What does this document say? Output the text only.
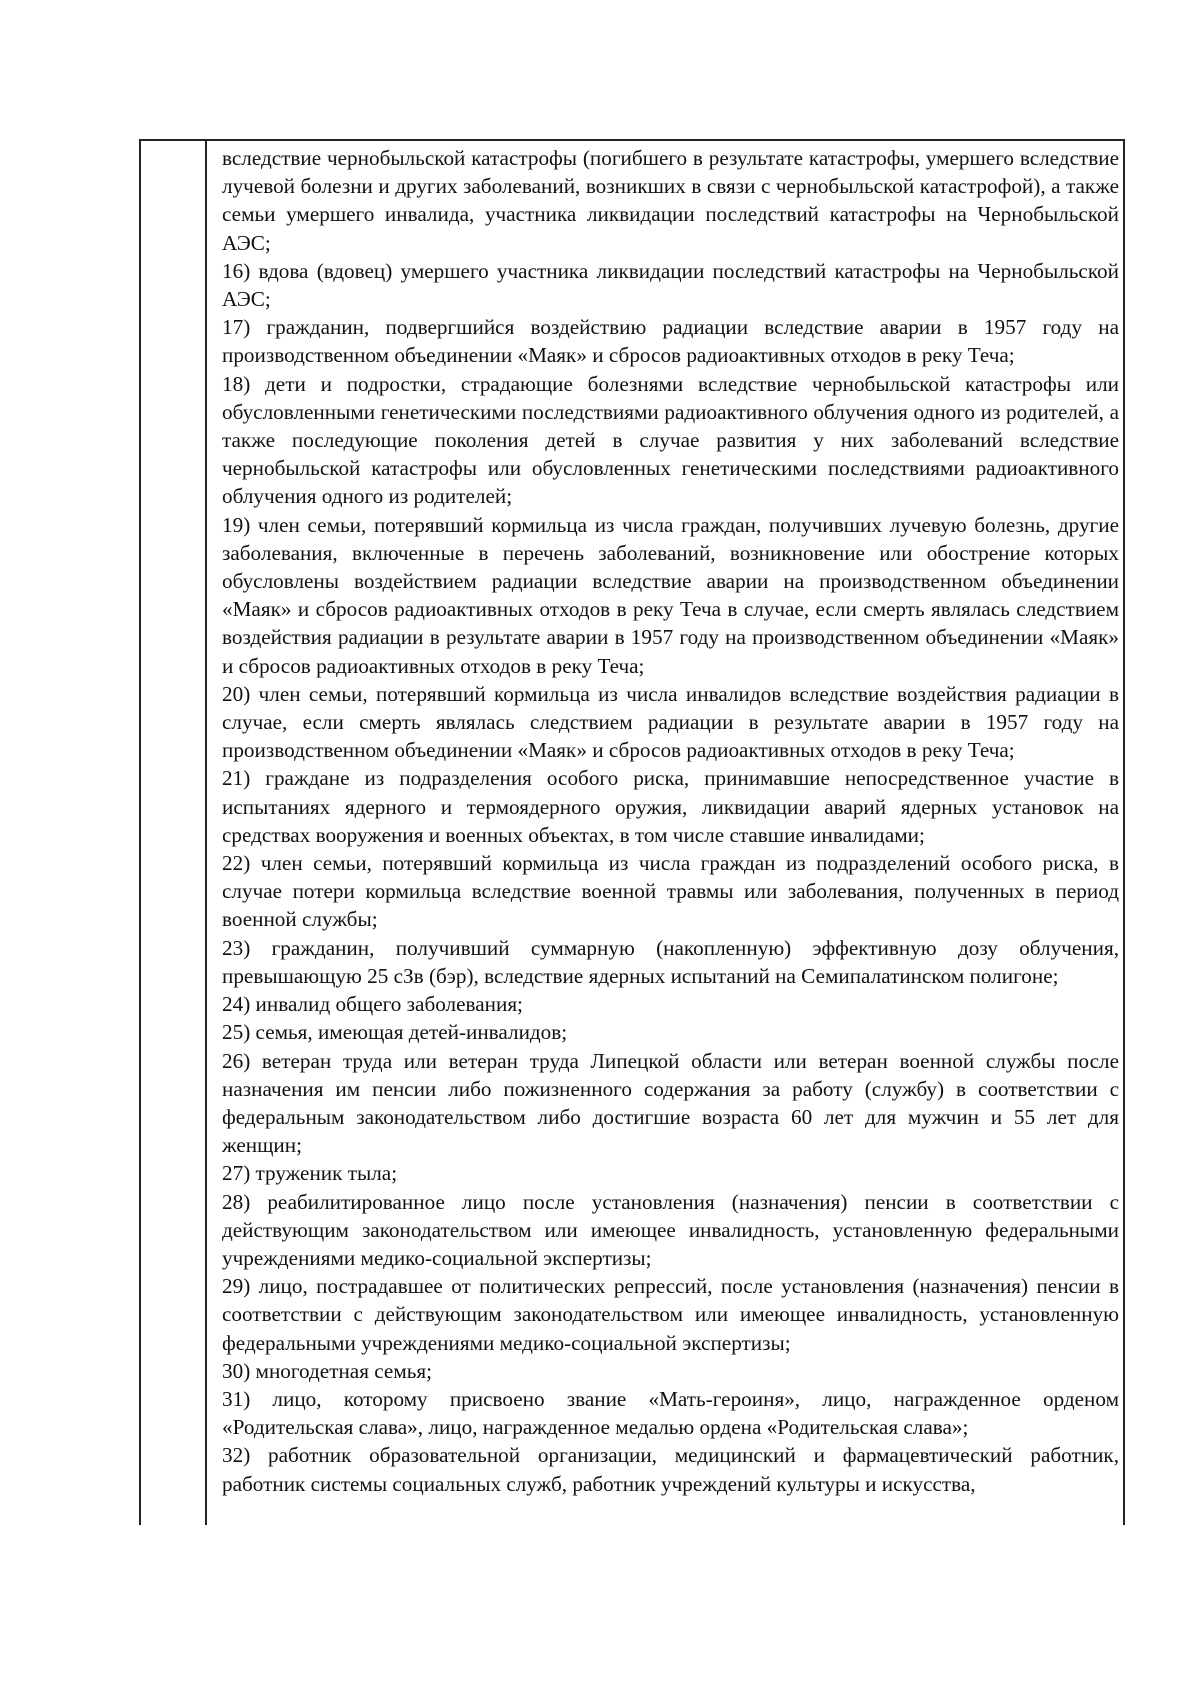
вследствие чернобыльской катастрофы (погибшего в результате катастрофы, умершего вследствие лучевой болезни и других заболеваний, возникших в связи с чернобыльской катастрофой), а также семьи умершего инвалида, участника ликвидации последствий катастрофы на Чернобыльской АЭС;

16) вдова (вдовец) умершего участника ликвидации последствий катастрофы на Чернобыльской АЭС;

17) гражданин, подвергшийся воздействию радиации вследствие аварии в 1957 году на производственном объединении «Маяк» и сбросов радиоактивных отходов в реку Теча;

18) дети и подростки, страдающие болезнями вследствие чернобыльской катастрофы или обусловленными генетическими последствиями радиоактивного облучения одного из родителей, а также последующие поколения детей в случае развития у них заболеваний вследствие чернобыльской катастрофы или обусловленных генетическими последствиями радиоактивного облучения одного из родителей;

19) член семьи, потерявший кормильца из числа граждан, получивших лучевую болезнь, другие заболевания, включенные в перечень заболеваний, возникновение или обострение которых обусловлены воздействием радиации вследствие аварии на производственном объединении «Маяк» и сбросов радиоактивных отходов в реку Теча в случае, если смерть являлась следствием воздействия радиации в результате аварии в 1957 году на производственном объединении «Маяк» и сбросов радиоактивных отходов в реку Теча;

20) член семьи, потерявший кормильца из числа инвалидов вследствие воздействия радиации в случае, если смерть являлась следствием радиации в результате аварии в 1957 году на производственном объединении «Маяк» и сбросов радиоактивных отходов в реку Теча;

21) граждане из подразделения особого риска, принимавшие непосредственное участие в испытаниях ядерного и термоядерного оружия, ликвидации аварий ядерных установок на средствах вооружения и военных объектах, в том числе ставшие инвалидами;

22) член семьи, потерявший кормильца из числа граждан из подразделений особого риска, в случае потери кормильца вследствие военной травмы или заболевания, полученных в период военной службы;

23) гражданин, получивший суммарную (накопленную) эффективную дозу облучения, превышающую 25 сЗв (бэр), вследствие ядерных испытаний на Семипалатинском полигоне;

24) инвалид общего заболевания;

25) семья, имеющая детей-инвалидов;

26) ветеран труда или ветеран труда Липецкой области или ветеран военной службы после назначения им пенсии либо пожизненного содержания за работу (службу) в соответствии с федеральным законодательством либо достигшие возраста 60 лет для мужчин и 55 лет для женщин;

27) труженик тыла;

28) реабилитированное лицо после установления (назначения) пенсии в соответствии с действующим законодательством или имеющее инвалидность, установленную федеральными учреждениями медико-социальной экспертизы;

29) лицо, пострадавшее от политических репрессий, после установления (назначения) пенсии в соответствии с действующим законодательством или имеющее инвалидность, установленную федеральными учреждениями медико-социальной экспертизы;

30) многодетная семья;

31) лицо, которому присвоено звание «Мать-героиня», лицо, награжденное орденом «Родительская слава», лицо, награжденное медалью ордена «Родительская слава»;

32) работник образовательной организации, медицинский и фармацевтический работник, работник системы социальных служб, работник учреждений культуры и искусства,
